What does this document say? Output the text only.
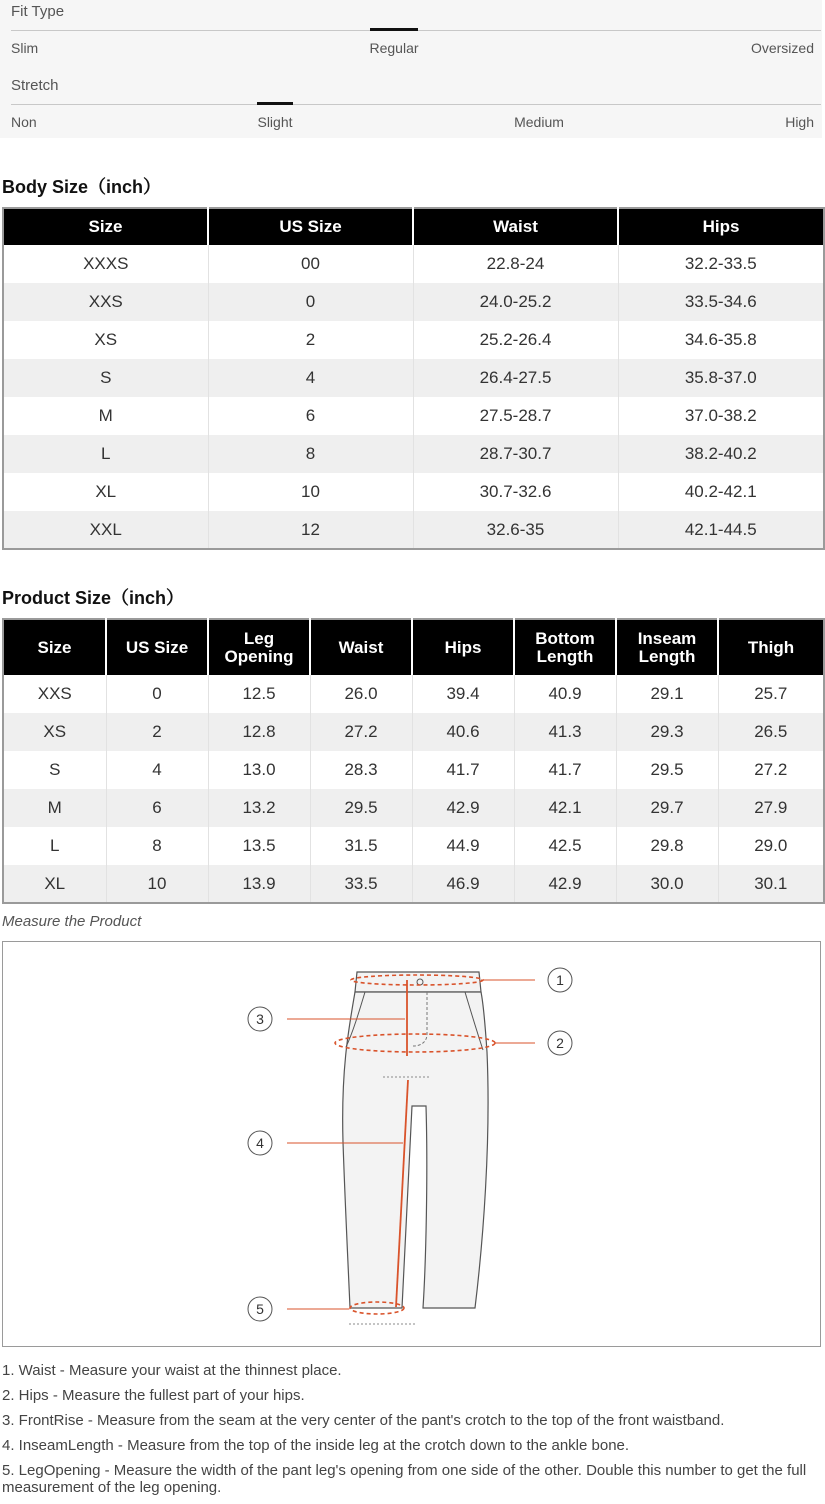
Fit Type
Slim	Regular	Oversized
Stretch
Non	Slight	Medium	High
Body Size（inch）
Size	US Size	Waist	Hips
XXXS	00	22.8-24	32.2-33.5
XXS	0	24.0-25.2	33.5-34.6
XS	2	25.2-26.4	34.6-35.8
S	4	26.4-27.5	35.8-37.0
M	6	27.5-28.7	37.0-38.2
L	8	28.7-30.7	38.2-40.2
XL	10	30.7-32.6	40.2-42.1
XXL	12	32.6-35	42.1-44.5
Product Size（inch）
Size	US Size	Leg Opening	Waist	Hips	Bottom Length	Inseam Length	Thigh
XXS	0	12.5	26.0	39.4	40.9	29.1	25.7
XS	2	12.8	27.2	40.6	41.3	29.3	26.5
S	4	13.0	28.3	41.7	41.7	29.5	27.2
M	6	13.2	29.5	42.9	42.1	29.7	27.9
L	8	13.5	31.5	44.9	42.5	29.8	29.0
XL	10	13.9	33.5	46.9	42.9	30.0	30.1
Measure the Product
1
2
3
4
5
1. Waist - Measure your waist at the thinnest place.
2. Hips - Measure the fullest part of your hips.
3. FrontRise - Measure from the seam at the very center of the pant's crotch to the top of the front waistband.
4. InseamLength - Measure from the top of the inside leg at the crotch down to the ankle bone.
5. LegOpening - Measure the width of the pant leg's opening from one side of the other. Double this number to get the full measurement of the leg opening.
